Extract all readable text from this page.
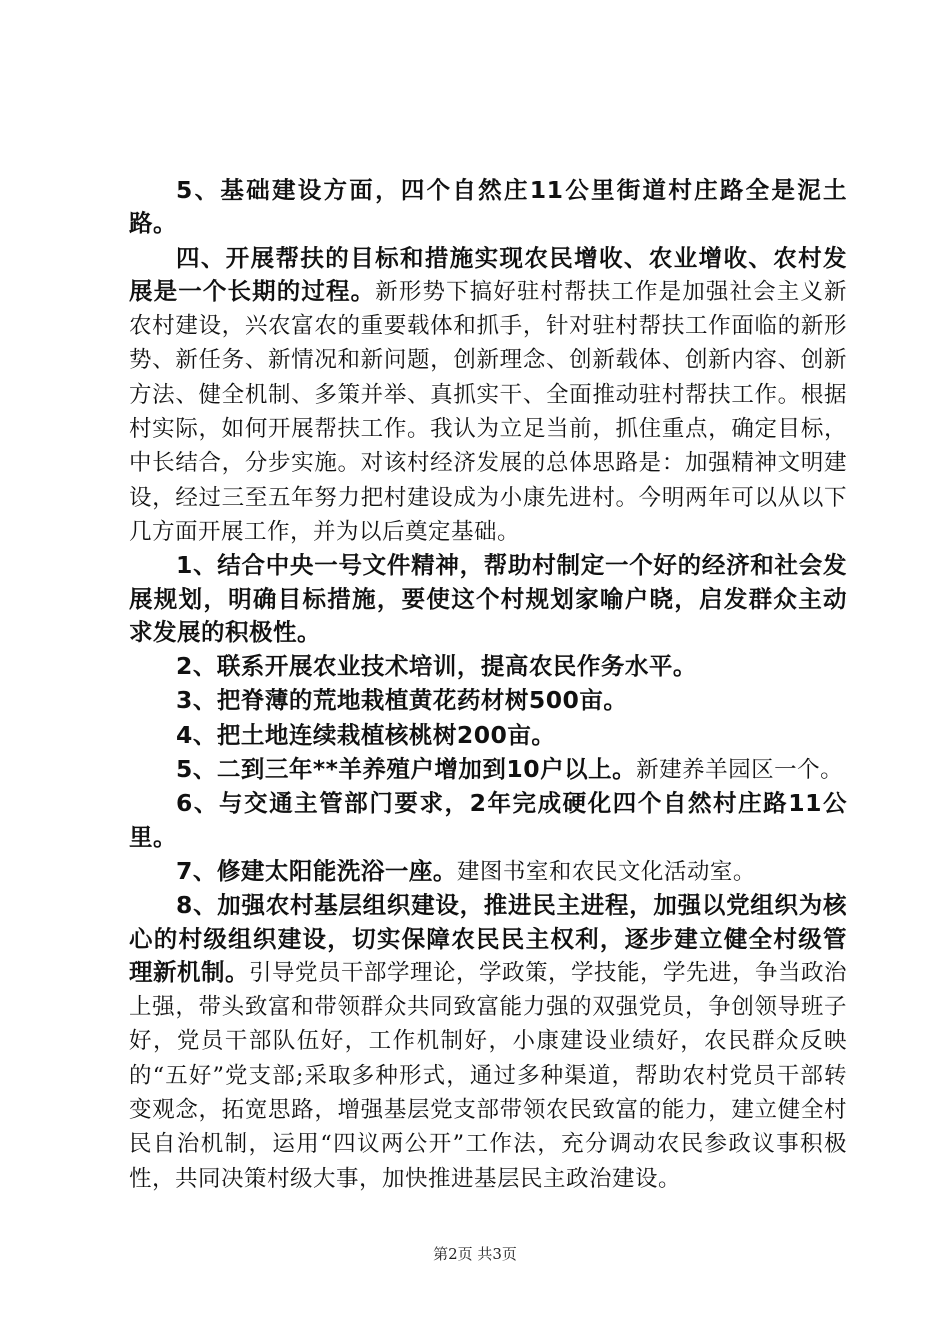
5、基础建设方面，四个自然庄11公里街道村庄路全是泥土路。

四、开展帮扶的目标和措施实现农民增收、农业增收、农村发展是一个长期的过程。新形势下搞好驻村帮扶工作是加强社会主义新农村建设，兴农富农的重要载体和抓手，针对驻村帮扶工作面临的新形势、新任务、新情况和新问题，创新理念、创新载体、创新内容、创新方法、健全机制、多策并举、真抓实干、全面推动驻村帮扶工作。根据村实际，如何开展帮扶工作。我认为立足当前，抓住重点，确定目标，中长结合，分步实施。对该村经济发展的总体思路是：加强精神文明建设，经过三至五年努力把村建设成为小康先进村。今明两年可以从以下几方面开展工作，并为以后奠定基础。

1、结合中央一号文件精神，帮助村制定一个好的经济和社会发展规划，明确目标措施，要使这个村规划家喻户晓，启发群众主动求发展的积极性。

2、联系开展农业技术培训，提高农民作务水平。

3、把脊薄的荒地栽植黄花药材树500亩。

4、把土地连续栽植核桃树200亩。

5、二到三年**羊养殖户增加到10户以上。新建养羊园区一个。

6、与交通主管部门要求，2年完成硬化四个自然村庄路11公里。

7、修建太阳能洗浴一座。建图书室和农民文化活动室。

8、加强农村基层组织建设，推进民主进程，加强以党组织为核心的村级组织建设，切实保障农民民主权利，逐步建立健全村级管理新机制。引导党员干部学理论，学政策，学技能，学先进，争当政治上强，带头致富和带领群众共同致富能力强的双强党员，争创领导班子好，党员干部队伍好，工作机制好，小康建设业绩好，农民群众反映的“五好”党支部;采取多种形式，通过多种渠道，帮助农村党员干部转变观念，拓宽思路，增强基层党支部带领农民致富的能力，建立健全村民自治机制，运用“四议两公开”工作法，充分调动农民参政议事积极性，共同决策村级大事，加快推进基层民主政治建设。

第2页 共3页
